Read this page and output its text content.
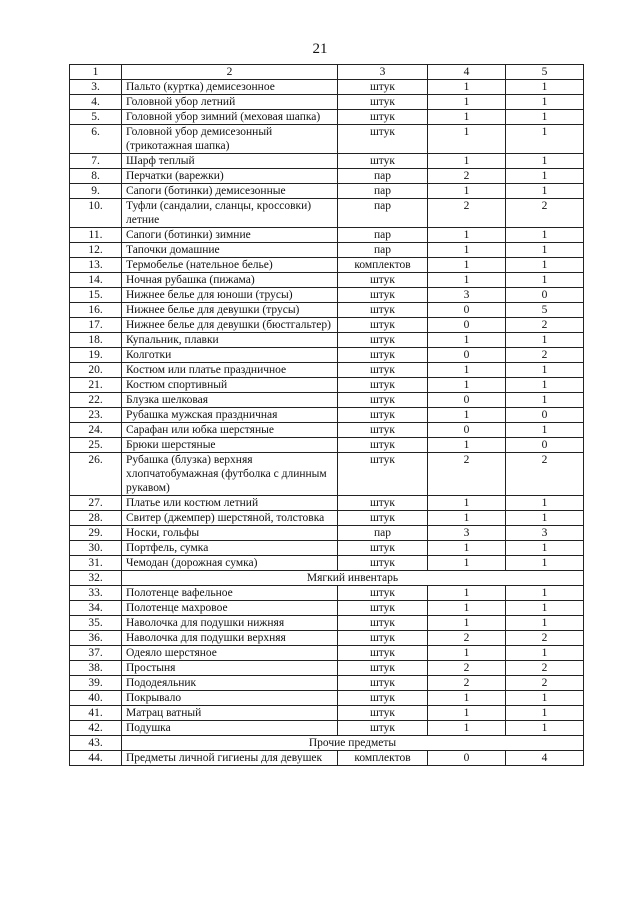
21
1	2	3	4	5
3.	Пальто (куртка) демисезонное	штук	1	1
4.	Головной убор летний	штук	1	1
5.	Головной убор зимний (меховая шапка)	штук	1	1
6.	Головной убор демисезонный (трикотажная шапка)	штук	1	1
7.	Шарф теплый	штук	1	1
8.	Перчатки (варежки)	пар	2	1
9.	Сапоги (ботинки) демисезонные	пар	1	1
10.	Туфли (сандалии, сланцы, кроссовки) летние	пар	2	2
11.	Сапоги (ботинки) зимние	пар	1	1
12.	Тапочки домашние	пар	1	1
13.	Термобелье (нательное белье)	комплектов	1	1
14.	Ночная рубашка (пижама)	штук	1	1
15.	Нижнее белье для юноши (трусы)	штук	3	0
16.	Нижнее белье для девушки (трусы)	штук	0	5
17.	Нижнее белье для девушки (бюстгальтер)	штук	0	2
18.	Купальник, плавки	штук	1	1
19.	Колготки	штук	0	2
20.	Костюм или платье праздничное	штук	1	1
21.	Костюм спортивный	штук	1	1
22.	Блузка шелковая	штук	0	1
23.	Рубашка мужская праздничная	штук	1	0
24.	Сарафан или юбка шерстяные	штук	0	1
25.	Брюки шерстяные	штук	1	0
26.	Рубашка (блузка) верхняя хлопчатобумажная (футболка с длинным рукавом)	штук	2	2
27.	Платье или костюм летний	штук	1	1
28.	Свитер (джемпер) шерстяной, толстовка	штук	1	1
29.	Носки, гольфы	пар	3	3
30.	Портфель, сумка	штук	1	1
31.	Чемодан (дорожная сумка)	штук	1	1
32.	Мягкий инвентарь			
33.	Полотенце вафельное	штук	1	1
34.	Полотенце махровое	штук	1	1
35.	Наволочка для подушки нижняя	штук	1	1
36.	Наволочка для подушки верхняя	штук	2	2
37.	Одеяло шерстяное	штук	1	1
38.	Простыня	штук	2	2
39.	Пододеяльник	штук	2	2
40.	Покрывало	штук	1	1
41.	Матрац ватный	штук	1	1
42.	Подушка	штук	1	1
43.	Прочие предметы			
44.	Предметы личной гигиены для девушек	комплектов	0	4
